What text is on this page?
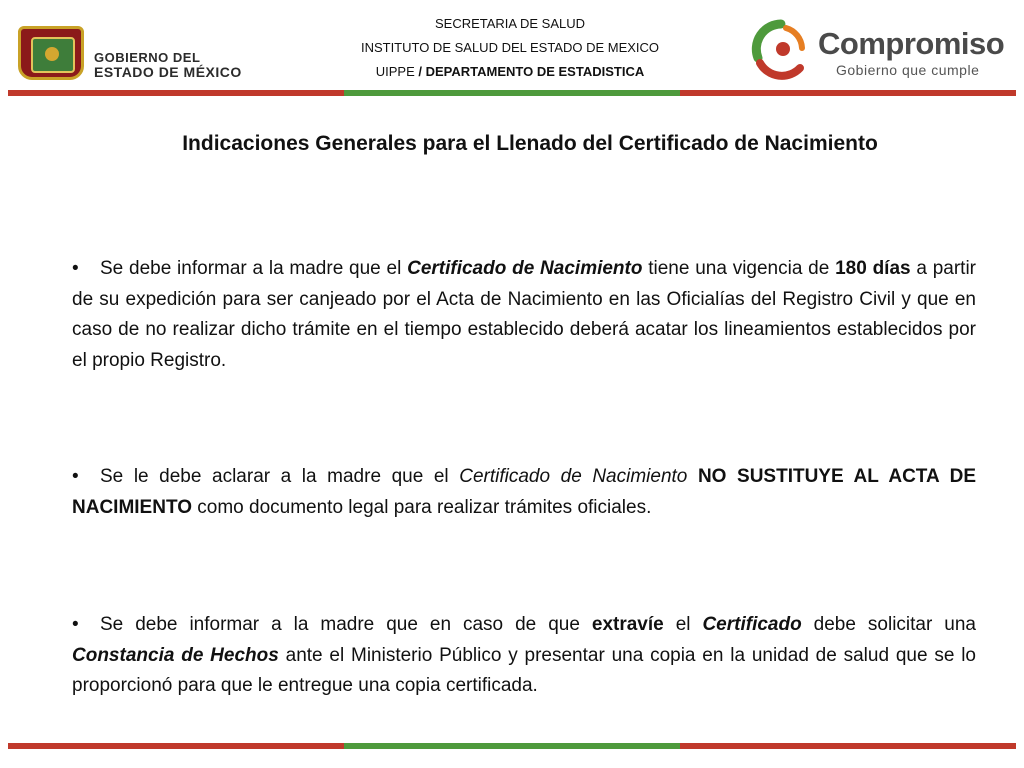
GOBIERNO DEL
ESTADO DE MÉXICO
SECRETARIA DE SALUD
INSTITUTO DE SALUD DEL ESTADO DE MEXICO
UIPPE / DEPARTAMENTO DE ESTADISTICA
Compromiso
Gobierno que cumple
Indicaciones Generales para el Llenado del Certificado de Nacimiento
• Se debe informar a la madre que el Certificado de Nacimiento tiene una vigencia de 180 días a partir de su expedición para ser canjeado por el Acta de Nacimiento en las Oficialías del Registro Civil y que en caso de no realizar dicho trámite en el tiempo establecido deberá acatar los lineamientos establecidos por el propio Registro.
• Se le debe aclarar a la madre que el Certificado de Nacimiento NO SUSTITUYE AL ACTA DE NACIMIENTO como documento legal para realizar trámites oficiales.
• Se debe informar a la madre que en caso de que extravíe el Certificado debe solicitar una Constancia de Hechos ante el Ministerio Público y presentar una copia en la unidad de salud que se lo proporcionó para que le entregue una copia certificada.
